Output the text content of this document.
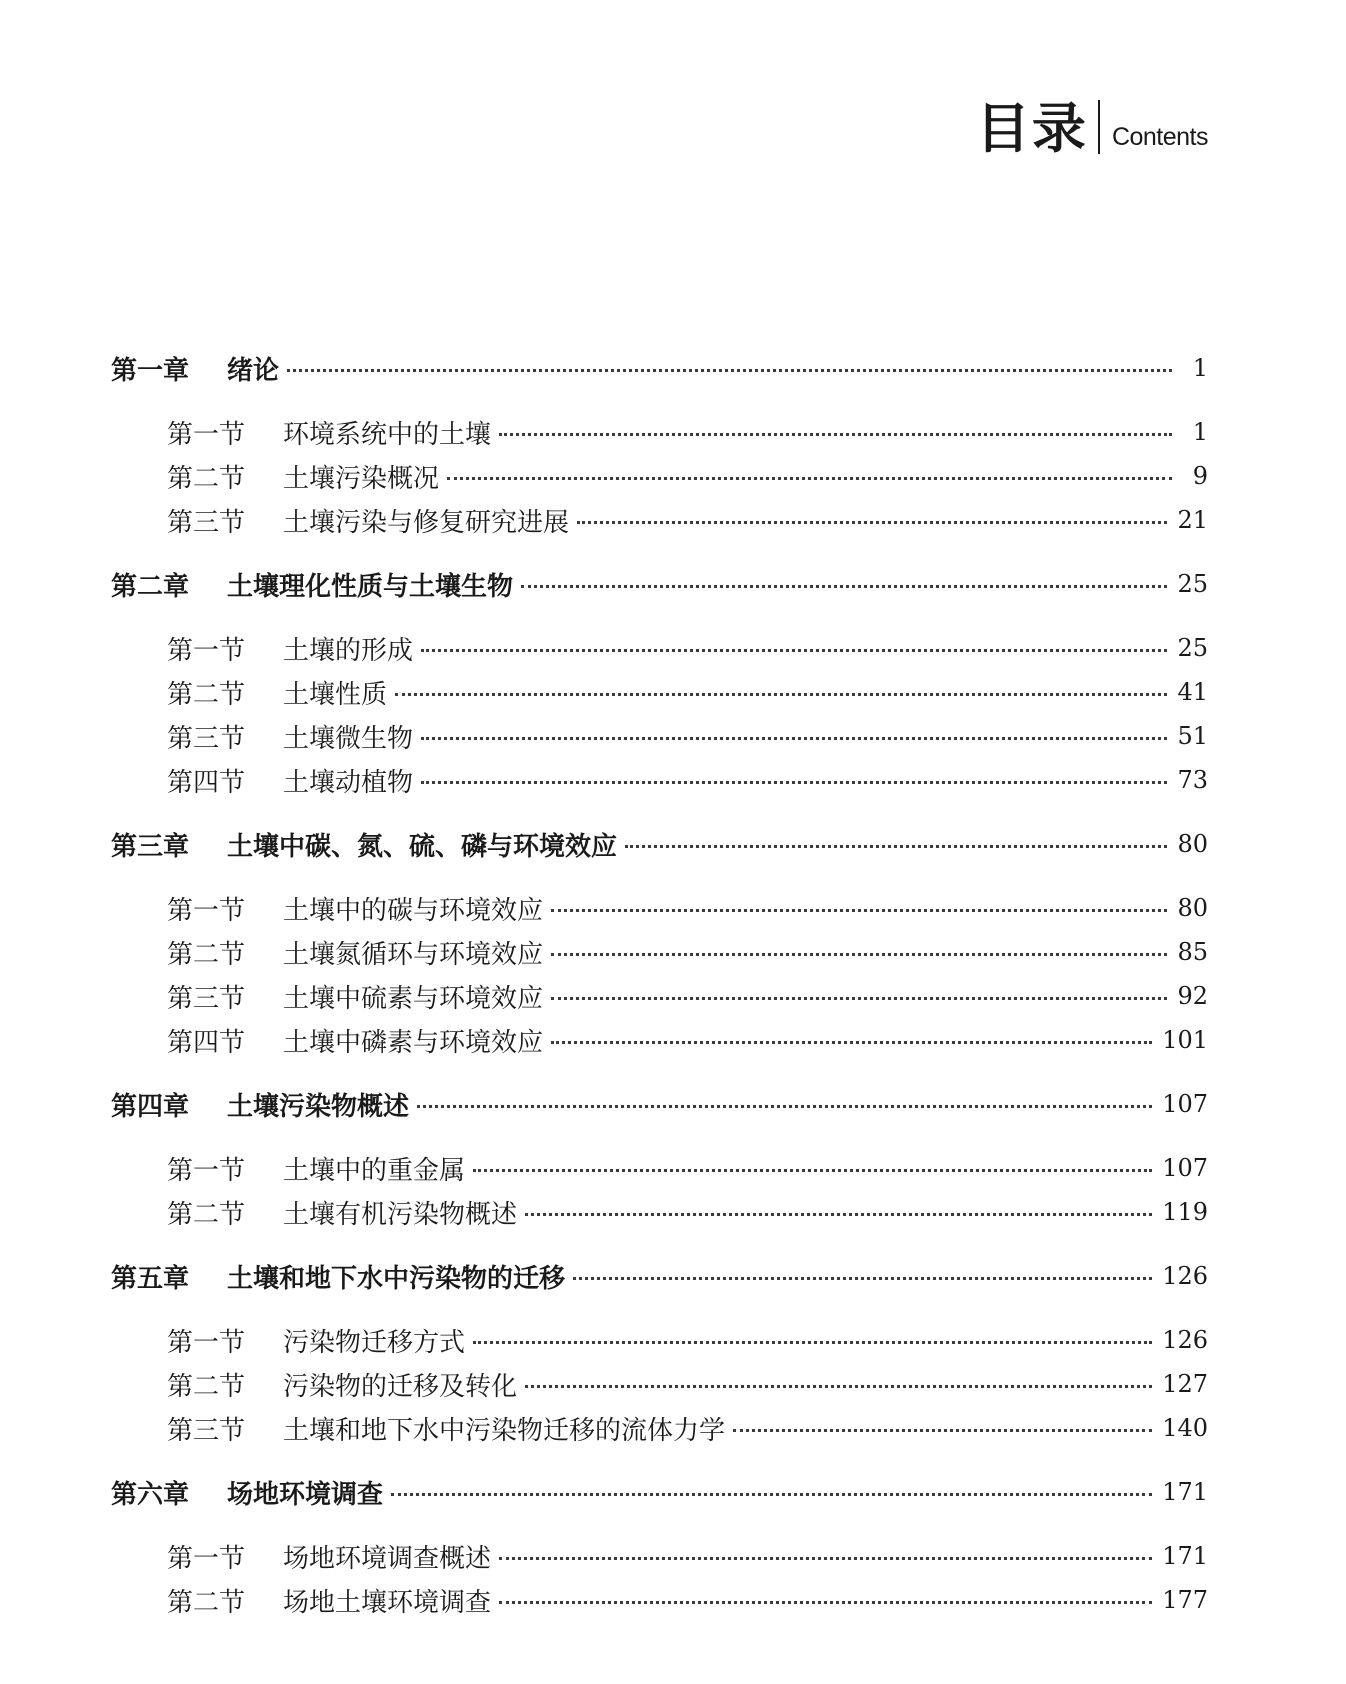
目录 Contents
第一章	绪论	1
第一节	环境系统中的土壤	1
第二节	土壤污染概况	9
第三节	土壤污染与修复研究进展	21
第二章	土壤理化性质与土壤生物	25
第一节	土壤的形成	25
第二节	土壤性质	41
第三节	土壤微生物	51
第四节	土壤动植物	73
第三章	土壤中碳、氮、硫、磷与环境效应	80
第一节	土壤中的碳与环境效应	80
第二节	土壤氮循环与环境效应	85
第三节	土壤中硫素与环境效应	92
第四节	土壤中磷素与环境效应	101
第四章	土壤污染物概述	107
第一节	土壤中的重金属	107
第二节	土壤有机污染物概述	119
第五章	土壤和地下水中污染物的迁移	126
第一节	污染物迁移方式	126
第二节	污染物的迁移及转化	127
第三节	土壤和地下水中污染物迁移的流体力学	140
第六章	场地环境调查	171
第一节	场地环境调查概述	171
第二节	场地土壤环境调查	177
